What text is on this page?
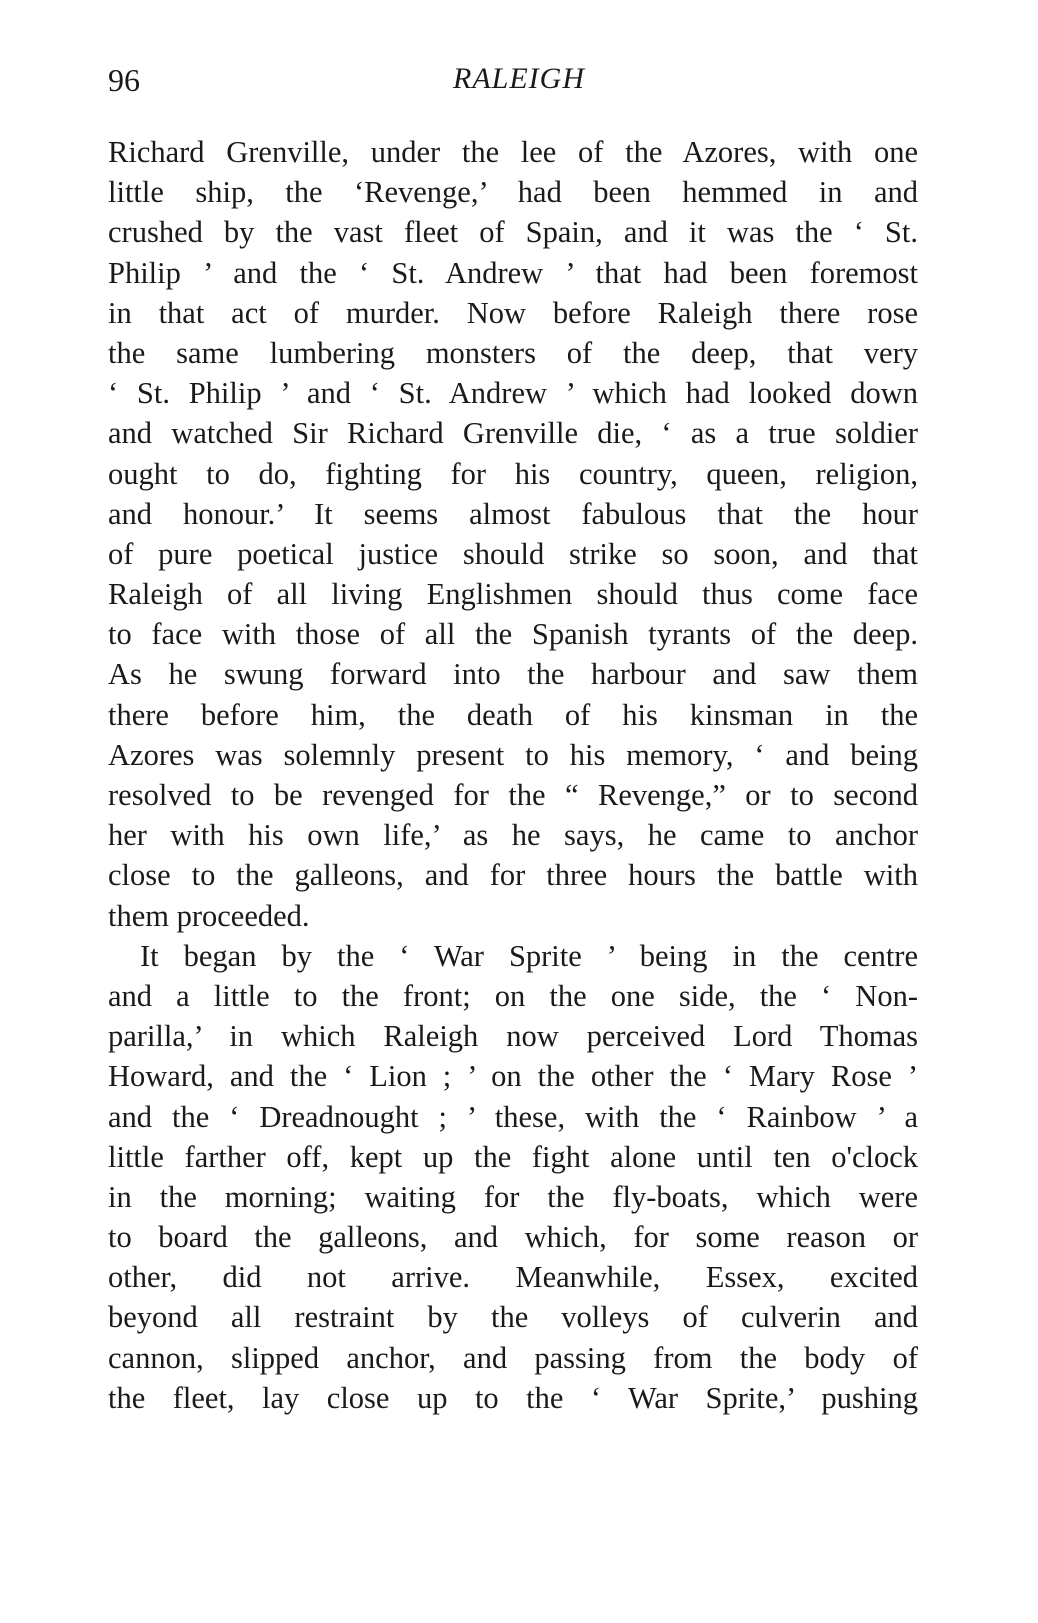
96	RALEIGH
Richard Grenville, under the lee of the Azores, with one
little ship, the ‘Revenge,’ had been hemmed in and
crushed by the vast fleet of Spain, and it was the ‘ St.
Philip ’ and the ‘ St. Andrew ’ that had been foremost
in that act of murder. Now before Raleigh there rose
the same lumbering monsters of the deep, that very
‘ St. Philip ’ and ‘ St. Andrew ’ which had looked down
and watched Sir Richard Grenville die, ‘ as a true soldier
ought to do, fighting for his country, queen, religion,
and honour.’ It seems almost fabulous that the hour
of pure poetical justice should strike so soon, and that
Raleigh of all living Englishmen should thus come face
to face with those of all the Spanish tyrants of the deep.
As he swung forward into the harbour and saw them
there before him, the death of his kinsman in the
Azores was solemnly present to his memory, ‘ and being
resolved to be revenged for the “ Revenge,” or to second
her with his own life,’ as he says, he came to anchor
close to the galleons, and for three hours the battle with
them proceeded.
It began by the ‘ War Sprite ’ being in the centre
and a little to the front; on the one side, the ‘ Non-
parilla,’ in which Raleigh now perceived Lord Thomas
Howard, and the ‘ Lion ; ’ on the other the ‘ Mary Rose ’
and the ‘ Dreadnought ; ’ these, with the ‘ Rainbow ’ a
little farther off, kept up the fight alone until ten o'clock
in the morning; waiting for the fly-boats, which were
to board the galleons, and which, for some reason or
other, did not arrive. Meanwhile, Essex, excited
beyond all restraint by the volleys of culverin and
cannon, slipped anchor, and passing from the body of
the fleet, lay close up to the ‘ War Sprite,’ pushing
